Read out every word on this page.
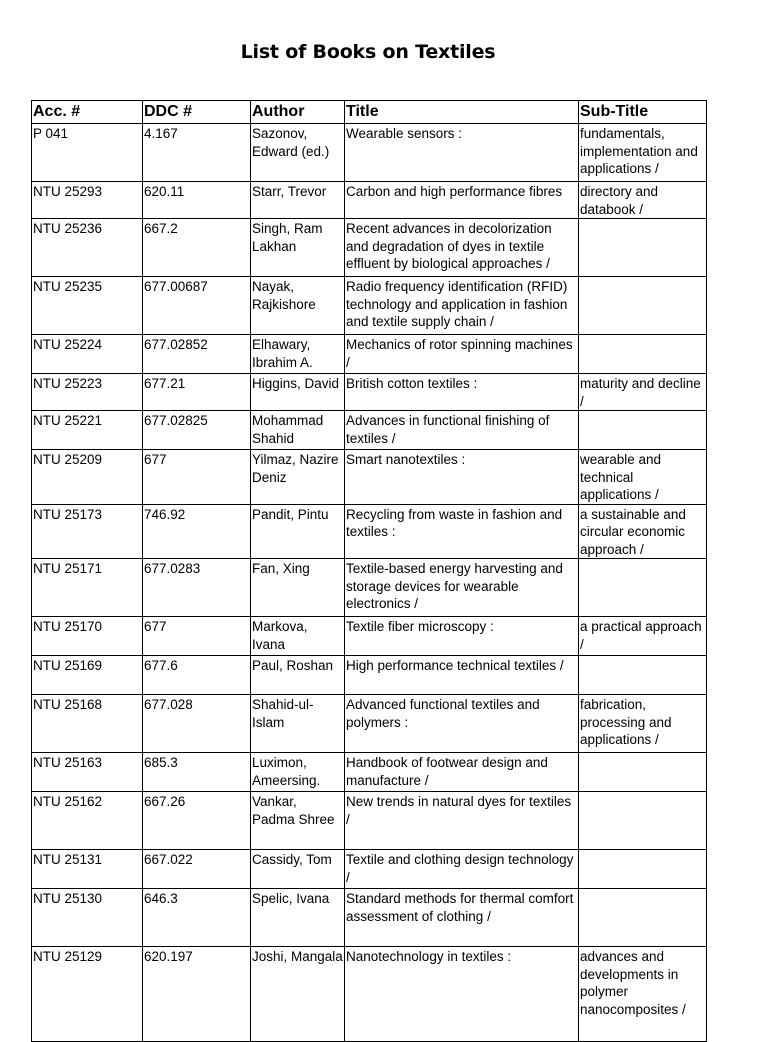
List of Books on Textiles
Acc. #	DDC #	Author	Title	Sub-Title

P 041	4.167	Sazonov, Edward (ed.)	Wearable sensors :	fundamentals, implementation and applications /

NTU 25293	620.11	Starr, Trevor	Carbon and high performance fibres	directory and databook /

NTU 25236	667.2	Singh, Ram Lakhan	Recent advances in decolorization and degradation of dyes in textile effluent by biological approaches /	

NTU 25235	677.00687	Nayak, Rajkishore	Radio frequency identification (RFID) technology and application in fashion and textile supply chain /	

NTU 25224	677.02852	Elhawary, Ibrahim A.	Mechanics of rotor spinning machines /	

NTU 25223	677.21	Higgins, David	British cotton textiles :	maturity and decline /

NTU 25221	677.02825	Mohammad Shahid	Advances in functional finishing of textiles /	

NTU 25209	677	Yilmaz, Nazire Deniz	Smart nanotextiles :	wearable and technical applications /

NTU 25173	746.92	Pandit, Pintu	Recycling from waste in fashion and textiles :	a sustainable and circular economic approach /

NTU 25171	677.0283	Fan, Xing	Textile-based energy harvesting and storage devices for wearable electronics /	

NTU 25170	677	Markova, Ivana	Textile fiber microscopy :	a practical approach /

NTU 25169	677.6	Paul, Roshan	High performance technical textiles /	

NTU 25168	677.028	Shahid-ul-Islam	Advanced functional textiles and polymers :	fabrication, processing and applications /

NTU 25163	685.3	Luximon, Ameersing.	Handbook of footwear design and manufacture /	

NTU 25162	667.26	Vankar, Padma Shree	New trends in natural dyes for textiles /	

NTU 25131	667.022	Cassidy, Tom	Textile and clothing design technology /	

NTU 25130	646.3	Spelic, Ivana	Standard methods for thermal comfort assessment of clothing /	

NTU 25129	620.197	Joshi, Mangala	Nanotechnology in textiles :	advances and developments in polymer nanocomposites /
